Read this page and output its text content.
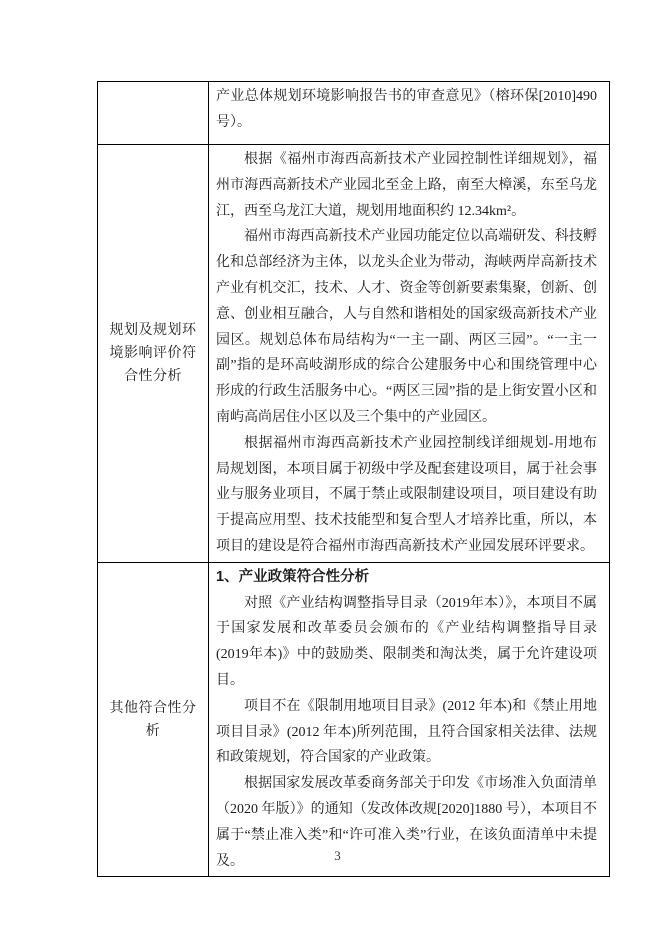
	产业总体规划环境影响报告书的审查意见》（榕环保[2010]490号）。

规划及规划环境影响评价符合性分析	根据《福州市海西高新技术产业园控制性详细规划》，福州市海西高新技术产业园北至金上路，南至大樟溪，东至乌龙江，西至乌龙江大道，规划用地面积约 12.34km²。

福州市海西高新技术产业园功能定位以高端研发、科技孵化和总部经济为主体，以龙头企业为带动，海峡两岸高新技术产业有机交汇，技术、人才、资金等创新要素集聚，创新、创意、创业相互融合，人与自然和谐相处的国家级高新技术产业园区。规划总体布局结构为“一主一副、两区三园”。“一主一副”指的是环高岐湖形成的综合公建服务中心和围绕管理中心形成的行政生活服务中心。“两区三园”指的是上街安置小区和南屿高尚居住小区以及三个集中的产业园区。

根据福州市海西高新技术产业园控制线详细规划-用地布局规划图，本项目属于初级中学及配套建设项目，属于社会事业与服务业项目，不属于禁止或限制建设项目，项目建设有助于提高应用型、技术技能型和复合型人才培养比重，所以，本项目的建设是符合福州市海西高新技术产业园发展环评要求。

其他符合性分析	1、产业政策符合性分析

对照《产业结构调整指导目录（2019年本）》，本项目不属于国家发展和改革委员会颁布的《产业结构调整指导目录(2019年本)》中的鼓励类、限制类和淘汰类，属于允许建设项目。

项目不在《限制用地项目目录》(2012 年本)和《禁止用地项目目录》(2012 年本)所列范围，且符合国家相关法律、法规和政策规划，符合国家的产业政策。

根据国家发展改革委商务部关于印发《市场准入负面清单（2020 年版）》的通知（发改体改规[2020]1880 号），本项目不属于“禁止准入类”和“许可准入类”行业，在该负面清单中未提及。	3
